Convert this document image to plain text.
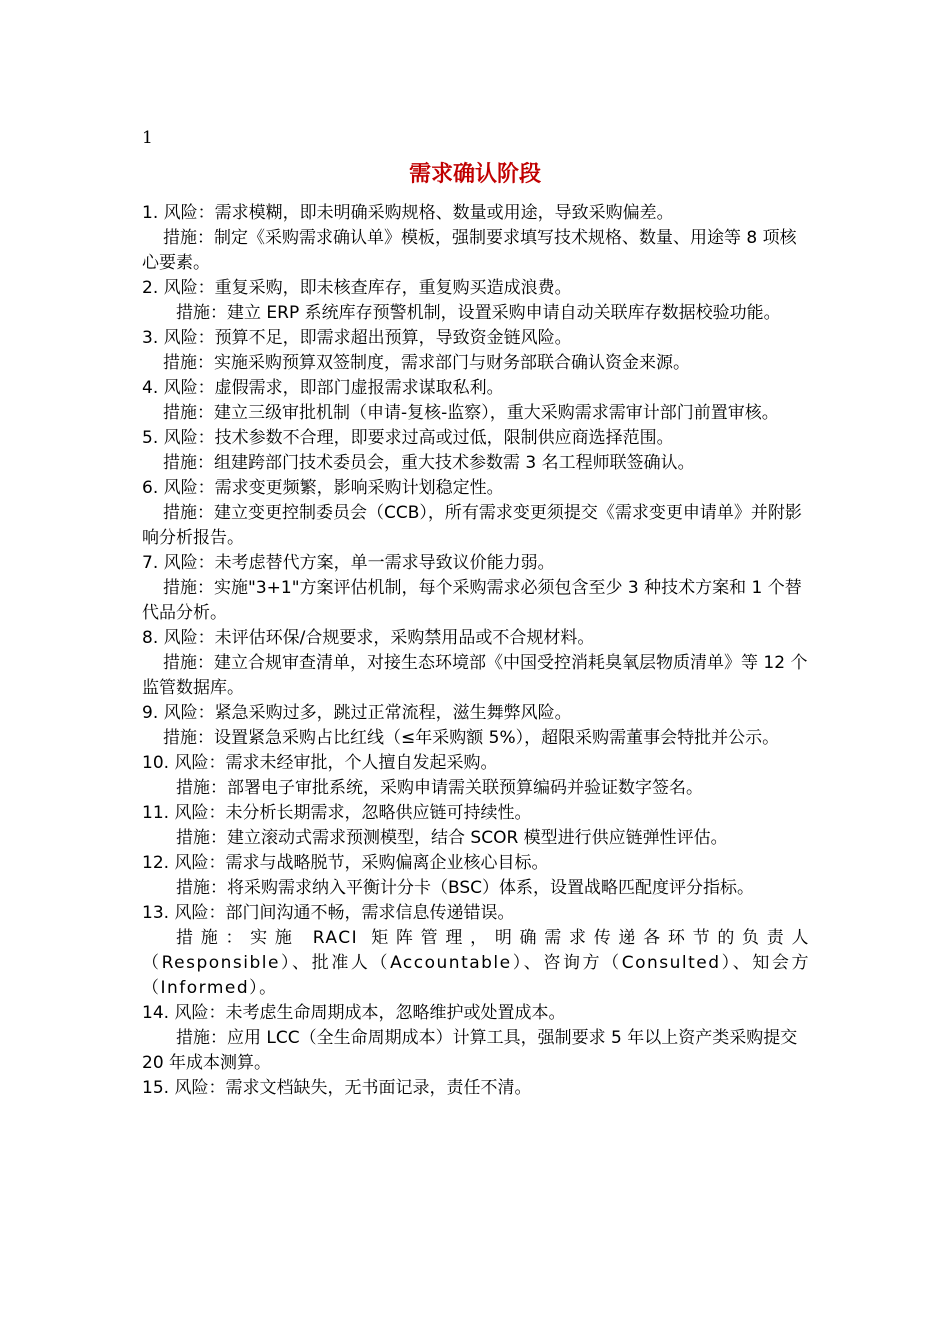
1
需求确认阶段

1. 风险：需求模糊，即未明确采购规格、数量或用途，导致采购偏差。

措施：制定《采购需求确认单》模板，强制要求填写技术规格、数量、用途等 8 项核心要素。

2. 风险：重复采购，即未核查库存，重复购买造成浪费。

措施：建立 ERP 系统库存预警机制，设置采购申请自动关联库存数据校验功能。

3. 风险：预算不足，即需求超出预算，导致资金链风险。

措施：实施采购预算双签制度，需求部门与财务部联合确认资金来源。

4. 风险：虚假需求，即部门虚报需求谋取私利。

措施：建立三级审批机制（申请-复核-监察），重大采购需求需审计部门前置审核。

5. 风险：技术参数不合理，即要求过高或过低，限制供应商选择范围。

措施：组建跨部门技术委员会，重大技术参数需 3 名工程师联签确认。

6. 风险：需求变更频繁，影响采购计划稳定性。

措施：建立变更控制委员会（CCB），所有需求变更须提交《需求变更申请单》并附影响分析报告。

7. 风险：未考虑替代方案，单一需求导致议价能力弱。

措施：实施"3+1"方案评估机制，每个采购需求必须包含至少 3 种技术方案和 1 个替代品分析。

8. 风险：未评估环保/合规要求，采购禁用品或不合规材料。

措施：建立合规审查清单，对接生态环境部《中国受控消耗臭氧层物质清单》等 12 个监管数据库。

9. 风险：紧急采购过多，跳过正常流程，滋生舞弊风险。

措施：设置紧急采购占比红线（≤年采购额 5%），超限采购需董事会特批并公示。

10. 风险：需求未经审批，个人擅自发起采购。

措施：部署电子审批系统，采购申请需关联预算编码并验证数字签名。

11. 风险：未分析长期需求，忽略供应链可持续性。

措施：建立滚动式需求预测模型，结合 SCOR 模型进行供应链弹性评估。

12. 风险：需求与战略脱节，采购偏离企业核心目标。

措施：将采购需求纳入平衡计分卡（BSC）体系，设置战略匹配度评分指标。

13. 风险：部门间沟通不畅，需求信息传递错误。

措施：实施 RACI 矩阵管理，明确需求传递各环节的负责人（Responsible）、批准人（Accountable）、咨询方（Consulted）、知会方（Informed）。

14. 风险：未考虑生命周期成本，忽略维护或处置成本。

措施：应用 LCC（全生命周期成本）计算工具，强制要求 5 年以上资产类采购提交 20 年成本测算。

15. 风险：需求文档缺失，无书面记录，责任不清。
